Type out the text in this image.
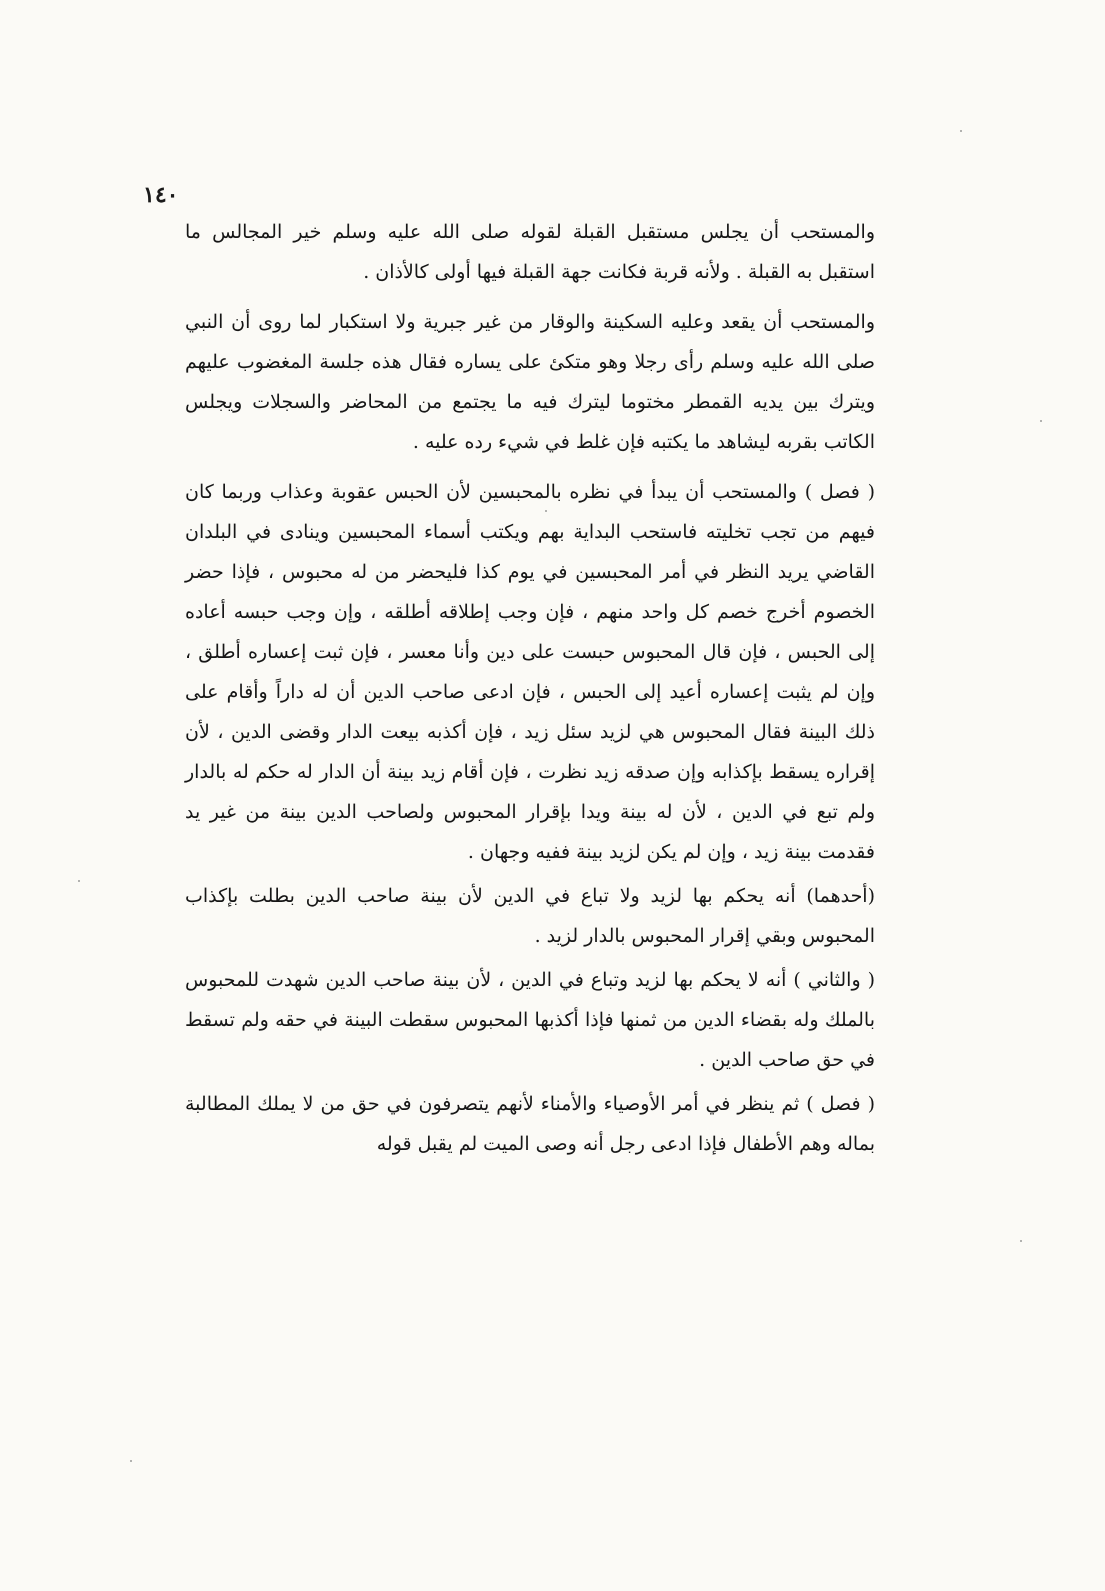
١٤٠

والمستحب أن يجلس مستقبل القبلة لقوله صلى الله عليه وسلم خير المجالس ما استقبل به القبلة . ولأنه قربة فكانت جهة القبلة فيها أولى كالأذان .

والمستحب أن يقعد وعليه السكينة والوقار من غير جبرية ولا استكبار لما روى أن النبي صلى الله عليه وسلم رأى رجلا وهو متكئ على يساره فقال هذه جلسة المغضوب عليهم ويترك بين يديه القمطر مختوما ليترك فيه ما يجتمع من المحاضر والسجلات ويجلس الكاتب بقربه ليشاهد ما يكتبه فإن غلط في شيء رده عليه .

( فصل ) والمستحب أن يبدأ في نظره بالمحبسين لأن الحبس عقوبة وعذاب وربما كان فيهم من تجب تخليته فاستحب البداية بهم ويكتب أسماء المحبسين وينادى في البلدان القاضي يريد النظر في أمر المحبسين في يوم كذا فليحضر من له محبوس ، فإذا حضر الخصوم أخرج خصم كل واحد منهم ، فإن وجب إطلاقه أطلقه ، وإن وجب حبسه أعاده إلى الحبس ، فإن قال المحبوس حبست على دين وأنا معسر ، فإن ثبت إعساره أطلق ، وإن لم يثبت إعساره أعيد إلى الحبس ، فإن ادعى صاحب الدين أن له داراً وأقام على ذلك البينة فقال المحبوس هي لزيد سئل زيد ، فإن أكذبه بيعت الدار وقضى الدين ، لأن إقراره يسقط بإكذابه وإن صدقه زيد نظرت ، فإن أقام زيد بينة أن الدار له حكم له بالدار ولم تبع في الدين ، لأن له بينة ويدا بإقرار المحبوس ولصاحب الدين بينة من غير يد فقدمت بينة زيد ، وإن لم يكن لزيد بينة ففيه وجهان .

(أحدهما) أنه يحكم بها لزيد ولا تباع في الدين لأن بينة صاحب الدين بطلت بإكذاب المحبوس وبقي إقرار المحبوس بالدار لزيد .

( والثاني ) أنه لا يحكم بها لزيد وتباع في الدين ، لأن بينة صاحب الدين شهدت للمحبوس بالملك وله بقضاء الدين من ثمنها فإذا أكذبها المحبوس سقطت البينة في حقه ولم تسقط في حق صاحب الدين .

( فصل ) ثم ينظر في أمر الأوصياء والأمناء لأنهم يتصرفون في حق من لا يملك المطالبة بماله وهم الأطفال فإذا ادعى رجل أنه وصى الميت لم يقبل قوله
